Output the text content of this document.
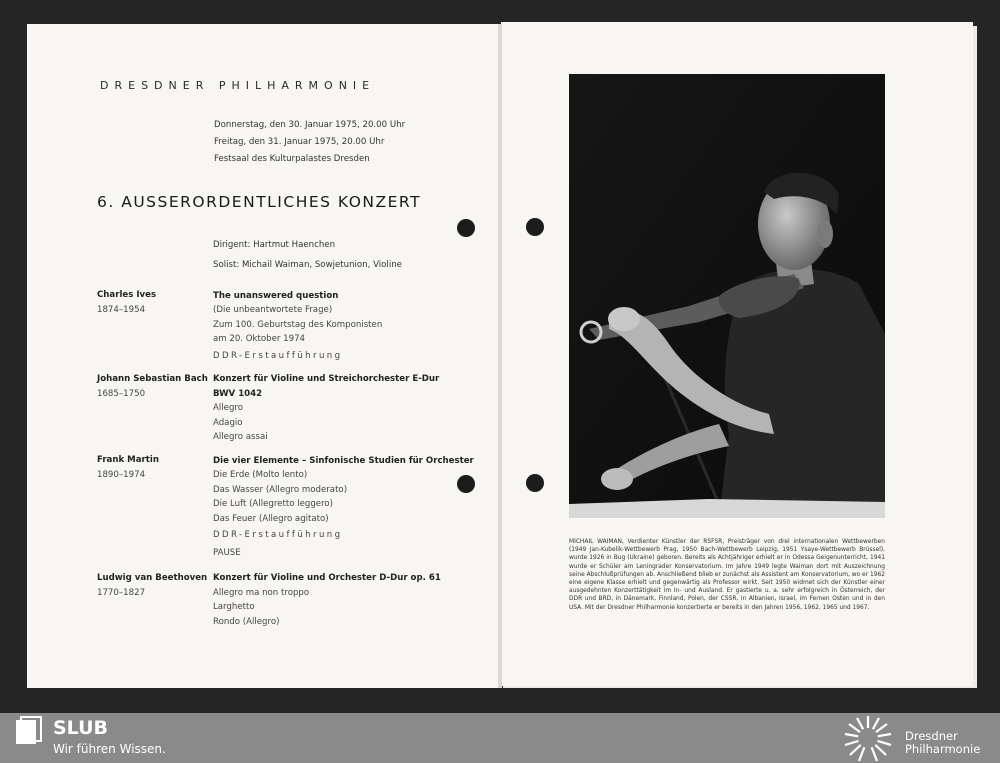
DRESDNER PHILHARMONIE
Donnerstag, den 30. Januar 1975, 20.00 Uhr
Freitag, den 31. Januar 1975, 20.00 Uhr
Festsaal des Kulturpalastes Dresden
6. AUSSERORDENTLICHES KONZERT
Dirigent: Hartmut Haenchen
Solist: Michail Waiman, Sowjetunion, Violine
Charles Ives
1874–1954
The unanswered question
(Die unbeantwortete Frage)
Zum 100. Geburtstag des Komponisten
am 20. Oktober 1974
DDR-Erstaufführung
Johann Sebastian Bach
1685–1750
Konzert für Violine und Streichorchester E-Dur
BWV 1042
Allegro
Adagio
Allegro assai
Frank Martin
1890–1974
Die vier Elemente – Sinfonische Studien für Orchester
Die Erde (Molto lento)
Das Wasser (Allegro moderato)
Die Luft (Allegretto leggero)
Das Feuer (Allegro agitato)
DDR-Erstaufführung
PAUSE
Ludwig van Beethoven
1770–1827
Konzert für Violine und Orchester D-Dur op. 61
Allegro ma non troppo
Larghetto
Rondo (Allegro)
MICHAIL WAIMAN, Verdienter Künstler der RSFSR, Preisträger von drei internationalen Wettbewerben (1949 Jan-Kubelik-Wettbewerb Prag, 1950 Bach-Wettbewerb Leipzig, 1951 Ysaye-Wettbewerb Brüssel), wurde 1926 in Bug (Ukraine) geboren. Bereits als Achtjähriger erhielt er in Odessa Geigenunterricht, 1941 wurde er Schüler am Leningrader Konservatorium. Im Jahre 1949 legte Waiman dort mit Auszeichnung seine Abschlußprüfungen ab. Anschließend blieb er zunächst als Assistent am Konservatorium, wo er 1962 eine eigene Klasse erhielt und gegenwärtig als Professor wirkt. Seit 1950 widmet sich der Künstler einer ausgedehnten Konzerttätigkeit im In- und Ausland. Er gastierte u. a. sehr erfolgreich in Österreich, der DDR und BRD, in Dänemark, Finnland, Polen, der CSSR, in Albanien, Israel, im Fernen Osten und in den USA. Mit der Dresdner Philharmonie konzertierte er bereits in den Jahren 1956, 1962, 1965 und 1967.
SLUB
Wir führen Wissen.
Dresdner
Philharmonie
